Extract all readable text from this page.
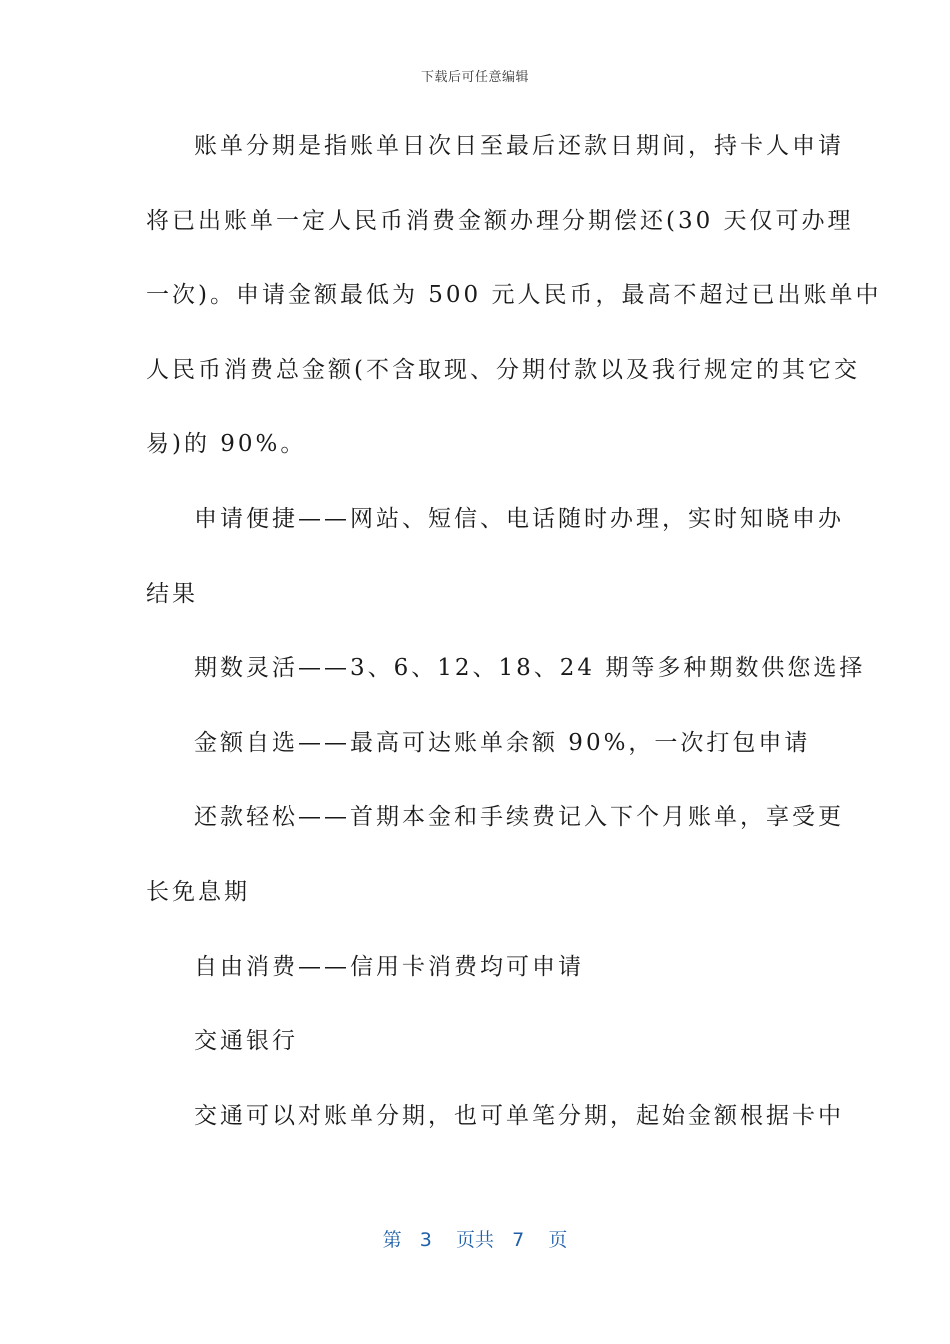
下载后可任意编辑
账单分期是指账单日次日至最后还款日期间，持卡人申请
将已出账单一定人民币消费金额办理分期偿还(30 天仅可办理
一次)。申请金额最低为 500 元人民币，最高不超过已出账单中
人民币消费总金额(不含取现、分期付款以及我行规定的其它交
易)的 90%。
申请便捷——网站、短信、电话随时办理，实时知晓申办
结果
期数灵活——3、6、12、18、24 期等多种期数供您选择
金额自选——最高可达账单余额 90%，一次打包申请
还款轻松——首期本金和手续费记入下个月账单，享受更
长免息期
自由消费——信用卡消费均可申请
交通银行
交通可以对账单分期，也可单笔分期，起始金额根据卡中
第 3 页共 7 页
